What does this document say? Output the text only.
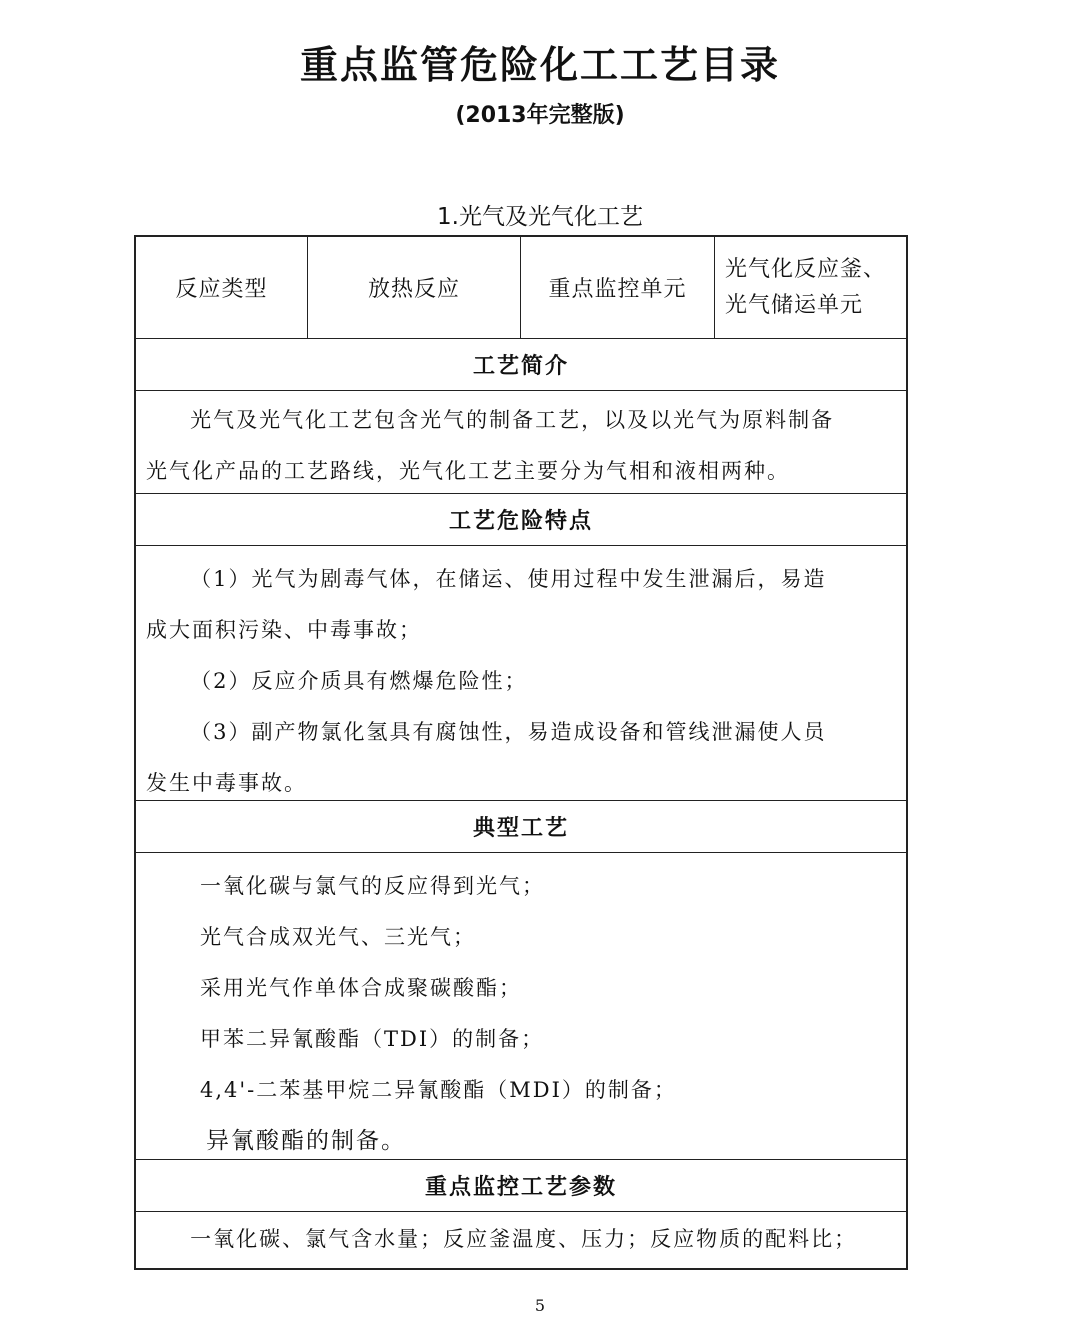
重点监管危险化工工艺目录
(2013年完整版)
1.光气及光气化工艺
反应类型	放热反应	重点监控单元
光气化反应釜、
光气储运单元
工艺简介

光气及光气化工艺包含光气的制备工艺，以及以光气为原料制备

光气化产品的工艺路线，光气化工艺主要分为气相和液相两种。

工艺危险特点

（1）光气为剧毒气体，在储运、使用过程中发生泄漏后，易造

成大面积污染、中毒事故；

（2）反应介质具有燃爆危险性；

（3）副产物氯化氢具有腐蚀性，易造成设备和管线泄漏使人员

发生中毒事故。

典型工艺

一氧化碳与氯气的反应得到光气；

光气合成双光气、三光气；

采用光气作单体合成聚碳酸酯；

甲苯二异氰酸酯（TDI）的制备；

4,4'-二苯基甲烷二异氰酸酯（MDI）的制备；

异氰酸酯的制备。

重点监控工艺参数

一氧化碳、氯气含水量；反应釜温度、压力；反应物质的配料比；

5
